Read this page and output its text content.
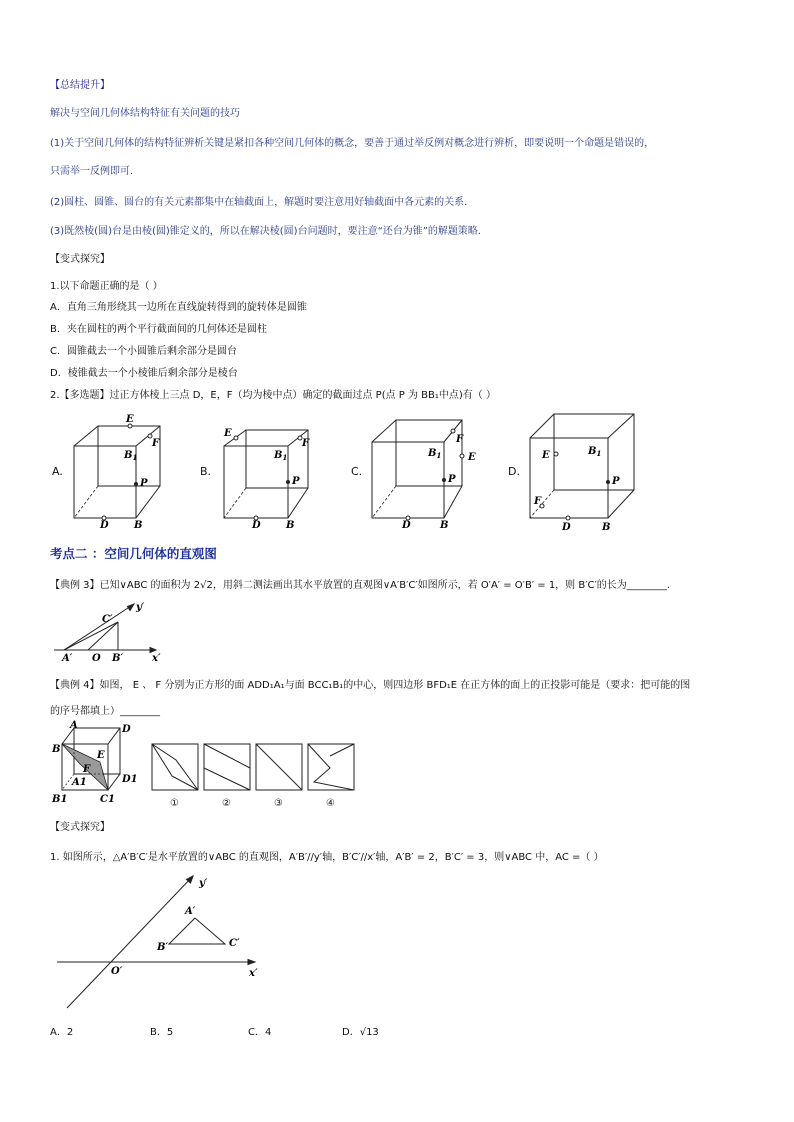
【总结提升】
解决与空间几何体结构特征有关问题的技巧
(1)关于空间几何体的结构特征辨析关键是紧扣各种空间几何体的概念，要善于通过举反例对概念进行辨析，即要说明一个命题是错误的，
只需举一反例即可．
(2)圆柱、圆锥、圆台的有关元素都集中在轴截面上，解题时要注意用好轴截面中各元素的关系．
(3)既然棱(圆)台是由棱(圆)锥定义的，所以在解决棱(圆)台问题时，要注意“还台为锥”的解题策略．
【变式探究】
1.以下命题正确的是（ ）
A．直角三角形绕其一边所在直线旋转得到的旋转体是圆锥
B．夹在圆柱的两个平行截面间的几何体还是圆柱
C．圆锥截去一个小圆锥后剩余部分是圆台
D．棱锥截去一个小棱锥后剩余部分是棱台
2.【多选题】过正方体棱上三点 D，E，F（均为棱中点）确定的截面过点 P(点 P 为 BB₁中点)有（ ）
A.	B.	C.	D.
E
F
$B_1$
P
D	B
E
F
$B_1$
P
D	B
F
E
$B_1$
P
D	B
E
F
$B_1$
P
D	B
考点二 ：空间几何体的直观图
【典例 3】已知∨ABC 的面积为 2√2，用斜二测法画出其水平放置的直观图∨A′B′C′如图所示，若 O′A′ = O′B′ = 1，则 B′C′的长为________.
y′
C′
A′ O B′	x′
【典例 4】如图， E 、 F 分别为正方形的面 ADD₁A₁与面 BCC₁B₁的中心，则四边形 BFD₁E 在正方体的面上的正投影可能是（要求：把可能的图
的序号都填上）________
A	D
B
E
F
A1	D1
B1	C1	①	②	③	④
【变式探究】
1. 如图所示，△A′B′C′是水平放置的∨ABC 的直观图，A′B′//y′轴，B′C′//x′轴，A′B′ = 2，B′C′ = 3，则∨ABC 中，AC =（ ）
y′
A′
B′	C′
O′	x′
A．2	B．5	C．4	D．√13
